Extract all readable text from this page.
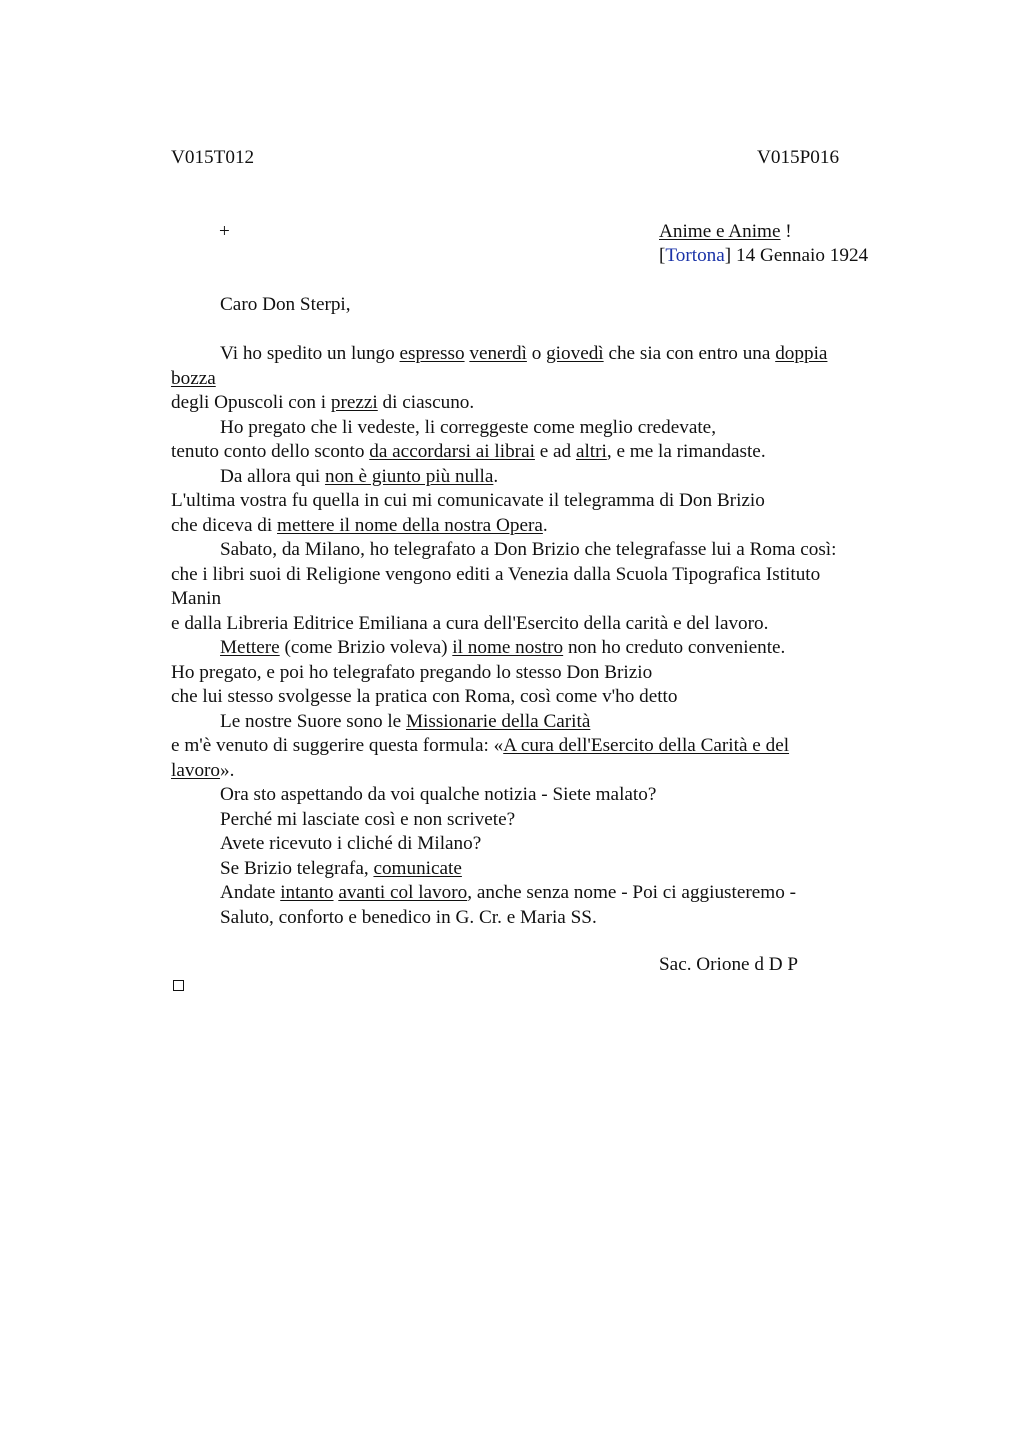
V015T012	V015P016
+	Anime e Anime !
[Tortona] 14 Gennaio 1924
Caro Don Sterpi,
Vi ho spedito un lungo espresso venerdì o giovedì che sia con entro una doppia
bozza
degli Opuscoli con i prezzi di ciascuno.
Ho pregato che li vedeste, li correggeste come meglio credevate,
tenuto conto dello sconto da accordarsi ai librai e ad altri, e me la rimandaste.
Da allora qui non è giunto più nulla.
L'ultima vostra fu quella in cui mi comunicavate il telegramma di Don Brizio
che diceva di mettere il nome della nostra Opera.
Sabato, da Milano, ho telegrafato a Don Brizio che telegrafasse lui a Roma così:
che i libri suoi di Religione vengono editi a Venezia dalla Scuola Tipografica Istituto
Manin
e dalla Libreria Editrice Emiliana a cura dell'Esercito della carità e del lavoro.
Mettere (come Brizio voleva) il nome nostro non ho creduto conveniente.
Ho pregato, e poi ho telegrafato pregando lo stesso Don Brizio
che lui stesso svolgesse la pratica con Roma, così come v'ho detto
Le nostre Suore sono le Missionarie della Carità
e m'è venuto di suggerire questa formula: «A cura dell'Esercito della Carità e del
lavoro».
Ora sto aspettando da voi qualche notizia - Siete malato?
Perché mi lasciate così e non scrivete?
Avete ricevuto i cliché di Milano?
Se Brizio telegrafa, comunicate
Andate intanto avanti col lavoro, anche senza nome - Poi ci aggiusteremo -
Saluto, conforto e benedico in G. Cr. e Maria SS.
Sac. Orione d D P
